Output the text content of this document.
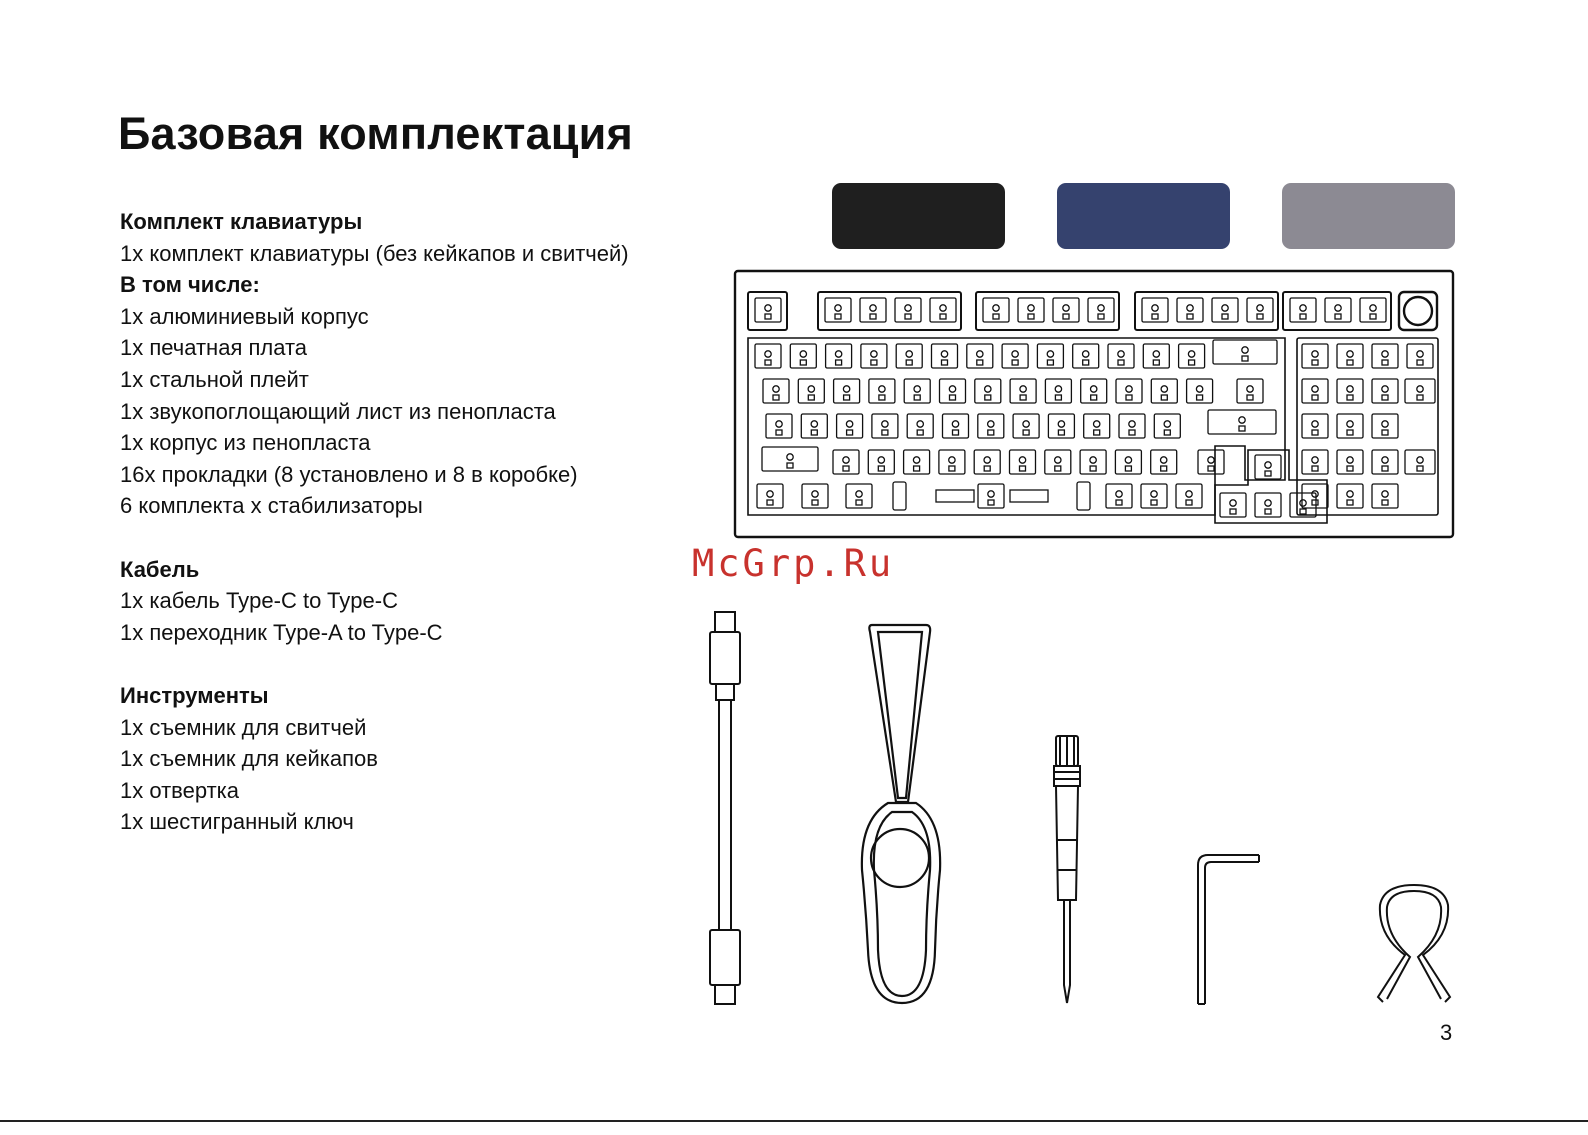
Базовая комплектация
Комплект клавиатуры
1x комплект клавиатуры (без кейкапов и свитчей)
В том числе:
1x алюминиевый корпус
1x печатная плата
1x стальной плейт
1x звукопоглощающий лист из пенопласта
1x корпус из пенопласта
16x прокладки (8 установлено и 8 в коробке)
6 комплекта x стабилизаторы
Кабель
1x кабель Type-C to Type-C
1x переходник Type-A to Type-C
Инструменты
1x съемник для свитчей
1x съемник для кейкапов
1x отвертка
1x шестигранный ключ
McGrp.Ru
3
